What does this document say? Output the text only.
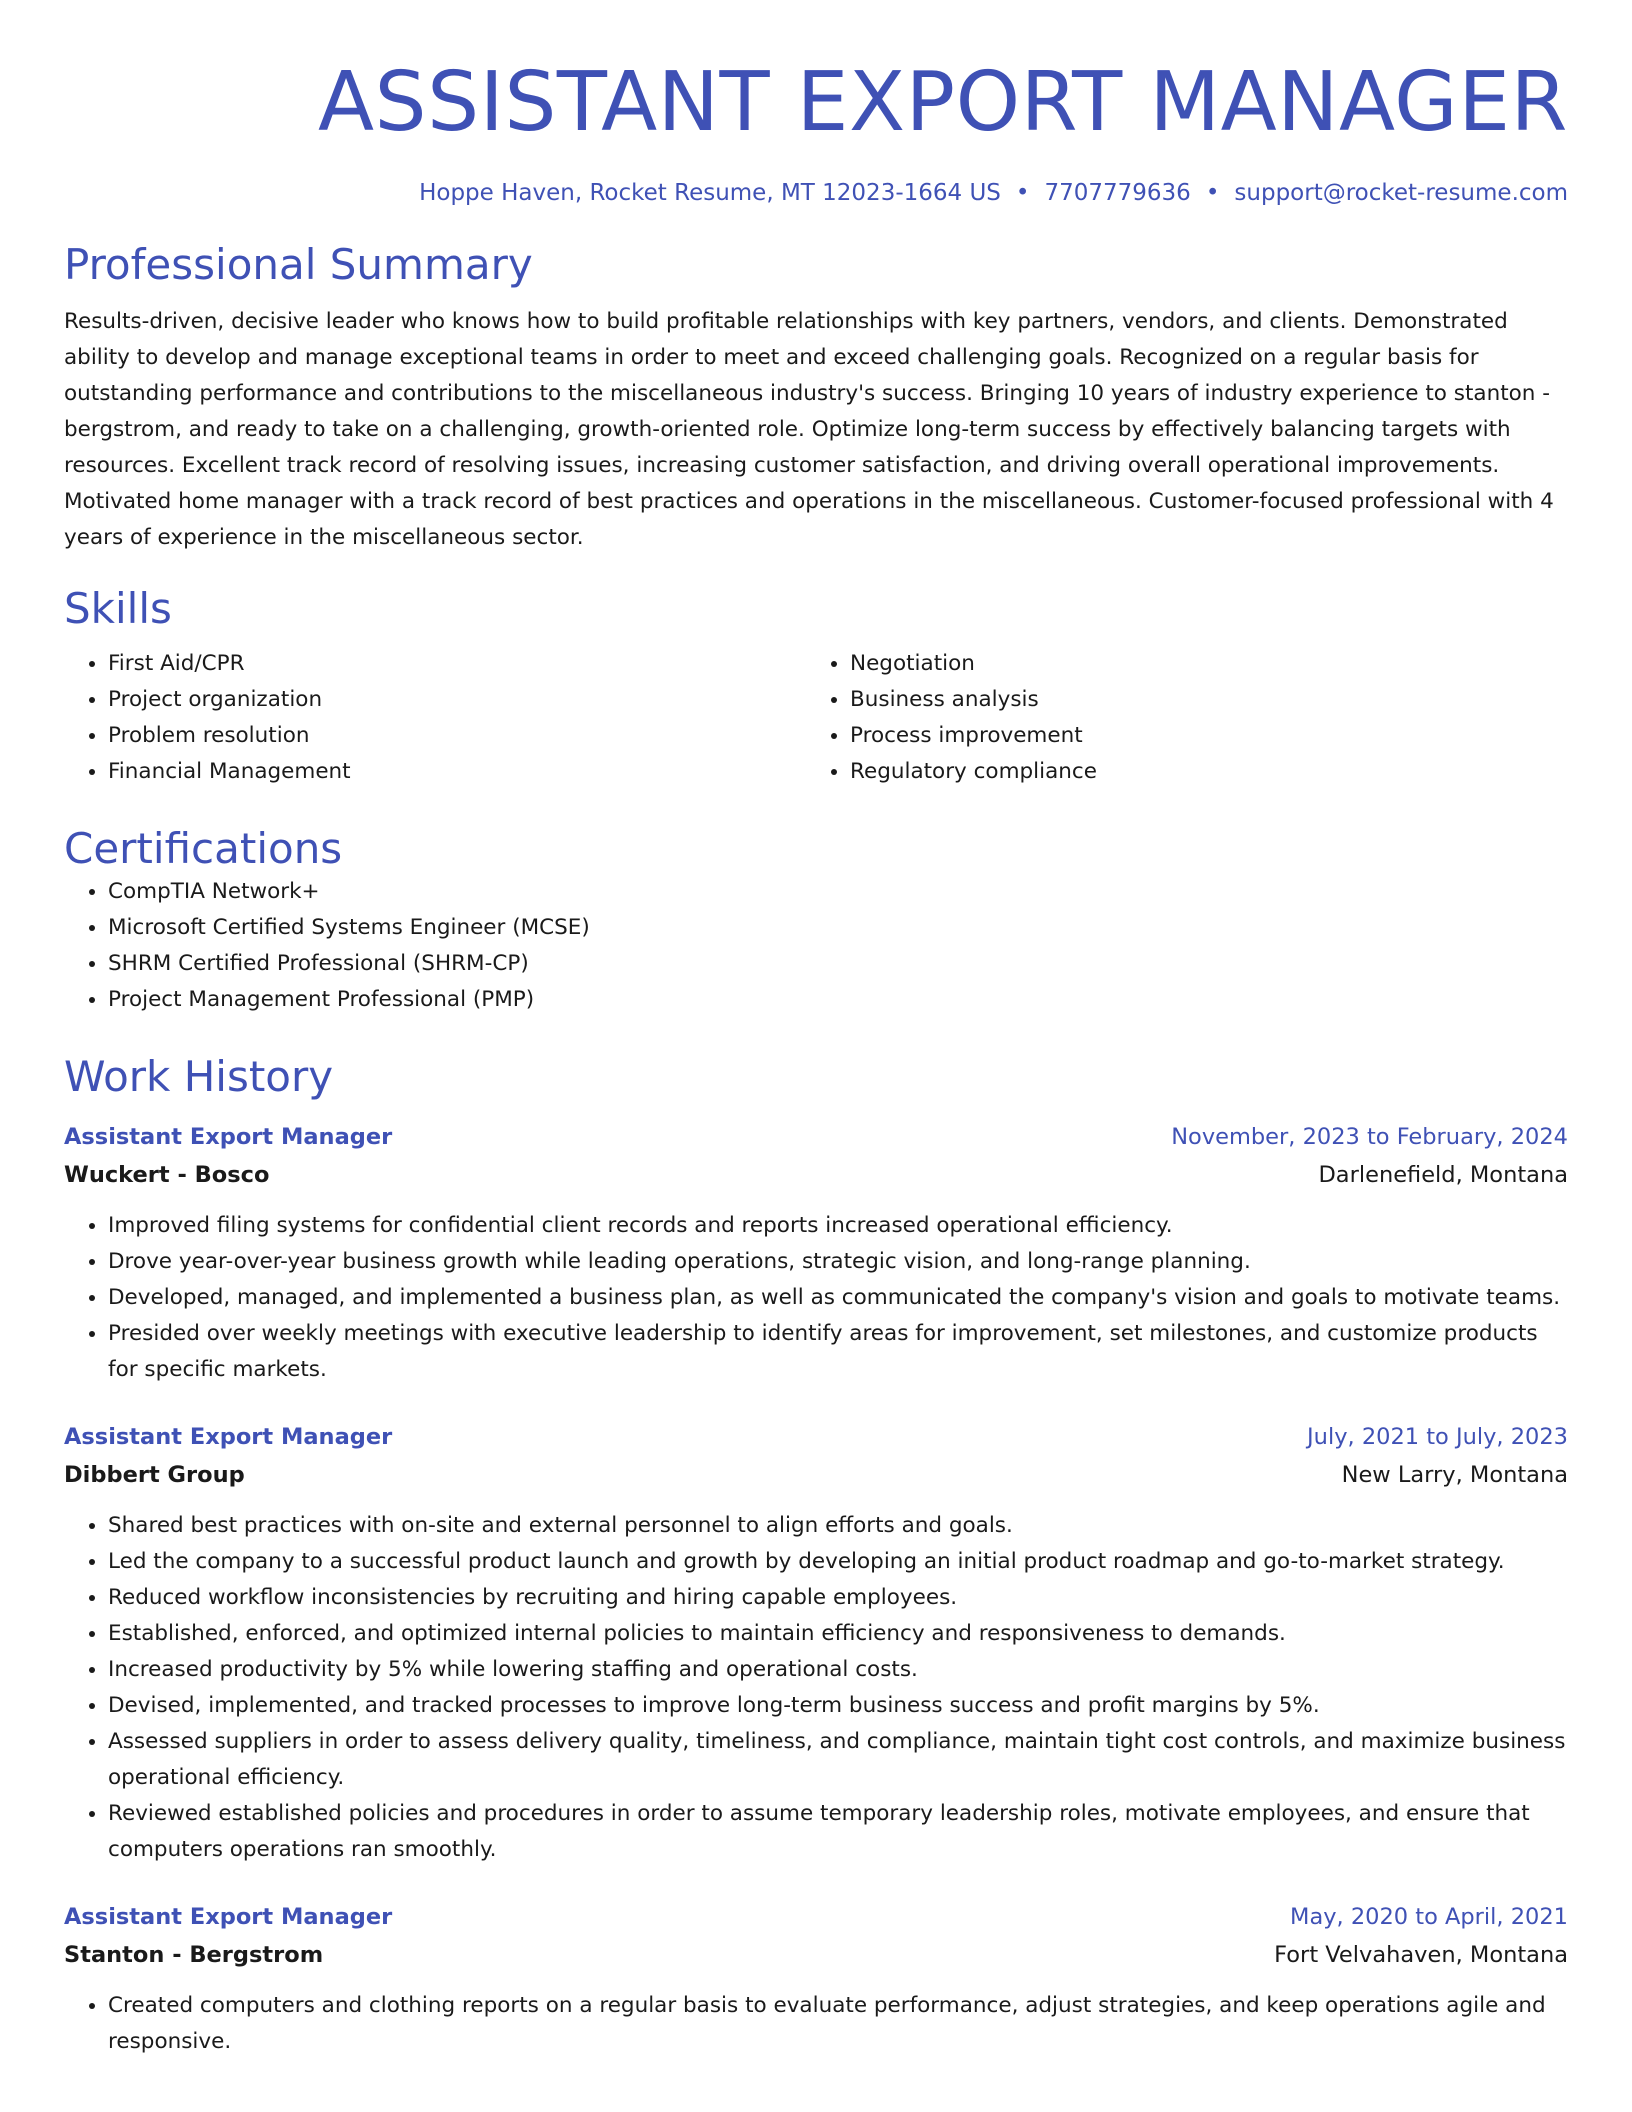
ASSISTANT EXPORT MANAGER
Hoppe Haven, Rocket Resume, MT 12023-1664 US • 7707779636 • support@rocket-resume.com
Professional Summary
Results-driven, decisive leader who knows how to build profitable relationships with key partners, vendors, and clients. Demonstrated ability to develop and manage exceptional teams in order to meet and exceed challenging goals. Recognized on a regular basis for outstanding performance and contributions to the miscellaneous industry's success. Bringing 10 years of industry experience to stanton - bergstrom, and ready to take on a challenging, growth-oriented role. Optimize long-term success by effectively balancing targets with resources. Excellent track record of resolving issues, increasing customer satisfaction, and driving overall operational improvements. Motivated home manager with a track record of best practices and operations in the miscellaneous. Customer-focused professional with 4 years of experience in the miscellaneous sector.
Skills
• First Aid/CPR
• Project organization
• Problem resolution
• Financial Management
• Negotiation
• Business analysis
• Process improvement
• Regulatory compliance
Certifications
• CompTIA Network+
• Microsoft Certified Systems Engineer (MCSE)
• SHRM Certified Professional (SHRM-CP)
• Project Management Professional (PMP)
Work History
Assistant Export Manager	November, 2023 to February, 2024
Wuckert - Bosco	Darlenefield, Montana
• Improved filing systems for confidential client records and reports increased operational efficiency.
• Drove year-over-year business growth while leading operations, strategic vision, and long-range planning.
• Developed, managed, and implemented a business plan, as well as communicated the company's vision and goals to motivate teams.
• Presided over weekly meetings with executive leadership to identify areas for improvement, set milestones, and customize products for specific markets.
Assistant Export Manager	July, 2021 to July, 2023
Dibbert Group	New Larry, Montana
• Shared best practices with on-site and external personnel to align efforts and goals.
• Led the company to a successful product launch and growth by developing an initial product roadmap and go-to-market strategy.
• Reduced workflow inconsistencies by recruiting and hiring capable employees.
• Established, enforced, and optimized internal policies to maintain efficiency and responsiveness to demands.
• Increased productivity by 5% while lowering staffing and operational costs.
• Devised, implemented, and tracked processes to improve long-term business success and profit margins by 5%.
• Assessed suppliers in order to assess delivery quality, timeliness, and compliance, maintain tight cost controls, and maximize business operational efficiency.
• Reviewed established policies and procedures in order to assume temporary leadership roles, motivate employees, and ensure that computers operations ran smoothly.
Assistant Export Manager	May, 2020 to April, 2021
Stanton - Bergstrom	Fort Velvahaven, Montana
• Created computers and clothing reports on a regular basis to evaluate performance, adjust strategies, and keep operations agile and responsive.
